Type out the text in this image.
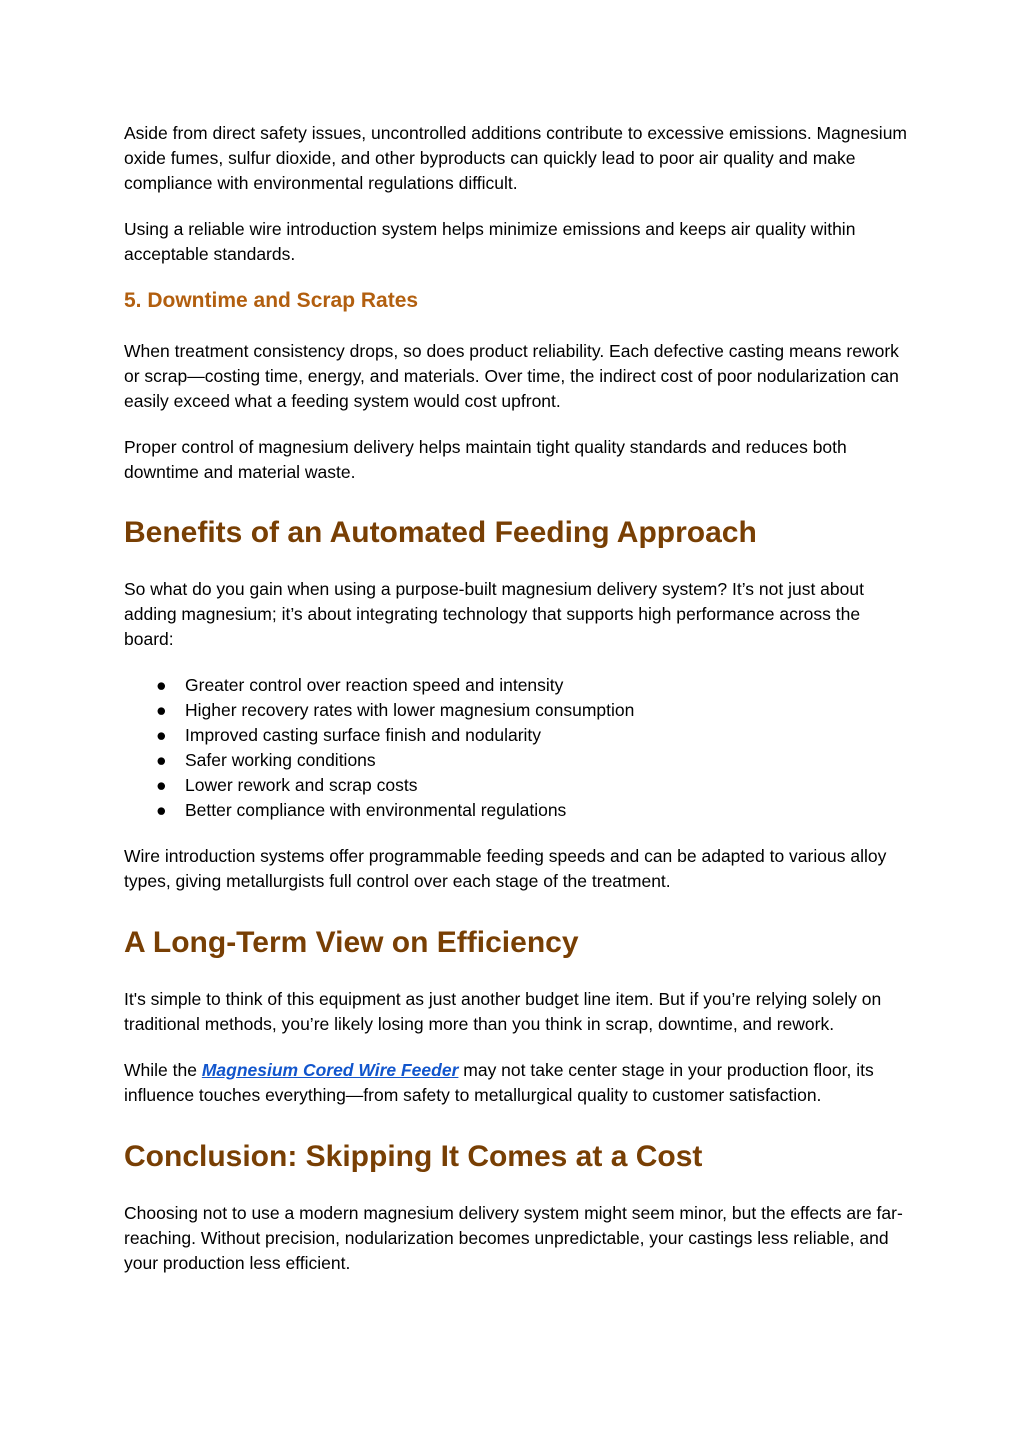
Aside from direct safety issues, uncontrolled additions contribute to excessive emissions. Magnesium oxide fumes, sulfur dioxide, and other byproducts can quickly lead to poor air quality and make compliance with environmental regulations difficult.

Using a reliable wire introduction system helps minimize emissions and keeps air quality within acceptable standards.

5. Downtime and Scrap Rates

When treatment consistency drops, so does product reliability. Each defective casting means rework or scrap—costing time, energy, and materials. Over time, the indirect cost of poor nodularization can easily exceed what a feeding system would cost upfront.

Proper control of magnesium delivery helps maintain tight quality standards and reduces both downtime and material waste.

Benefits of an Automated Feeding Approach

So what do you gain when using a purpose-built magnesium delivery system? It’s not just about adding magnesium; it’s about integrating technology that supports high performance across the board:

● Greater control over reaction speed and intensity
● Higher recovery rates with lower magnesium consumption
● Improved casting surface finish and nodularity
● Safer working conditions
● Lower rework and scrap costs
● Better compliance with environmental regulations

Wire introduction systems offer programmable feeding speeds and can be adapted to various alloy types, giving metallurgists full control over each stage of the treatment.

A Long-Term View on Efficiency

It's simple to think of this equipment as just another budget line item. But if you’re relying solely on traditional methods, you’re likely losing more than you think in scrap, downtime, and rework.

While the Magnesium Cored Wire Feeder may not take center stage in your production floor, its influence touches everything—from safety to metallurgical quality to customer satisfaction.

Conclusion: Skipping It Comes at a Cost

Choosing not to use a modern magnesium delivery system might seem minor, but the effects are far-reaching. Without precision, nodularization becomes unpredictable, your castings less reliable, and your production less efficient.
